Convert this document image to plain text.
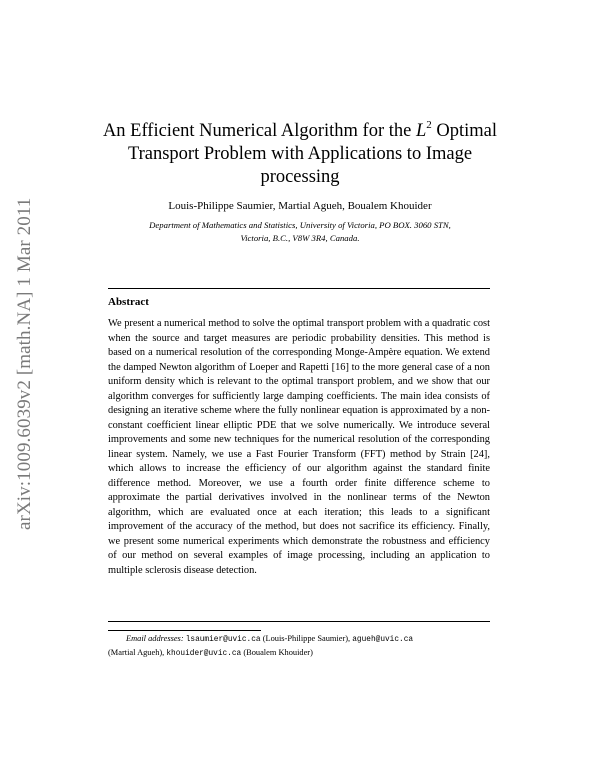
arXiv:1009.6039v2 [math.NA] 1 Mar 2011
An Efficient Numerical Algorithm for the $L^2$ Optimal Transport Problem with Applications to Image processing
Louis-Philippe Saumier, Martial Agueh, Boualem Khouider
Department of Mathematics and Statistics, University of Victoria, PO BOX. 3060 STN,
Victoria, B.C., V8W 3R4, Canada.
Abstract
We present a numerical method to solve the optimal transport problem with a quadratic cost when the source and target measures are periodic probability densities. This method is based on a numerical resolution of the corresponding Monge-Ampère equation. We extend the damped Newton algorithm of Loeper and Rapetti [16] to the more general case of a non uniform density which is relevant to the optimal transport problem, and we show that our algorithm converges for sufficiently large damping coefficients. The main idea consists of designing an iterative scheme where the fully nonlinear equation is approximated by a non-constant coefficient linear elliptic PDE that we solve numerically. We introduce several improvements and some new techniques for the numerical resolution of the corresponding linear system. Namely, we use a Fast Fourier Transform (FFT) method by Strain [24], which allows to increase the efficiency of our algorithm against the standard finite difference method. Moreover, we use a fourth order finite difference scheme to approximate the partial derivatives involved in the nonlinear terms of the Newton algorithm, which are evaluated once at each iteration; this leads to a significant improvement of the accuracy of the method, but does not sacrifice its efficiency. Finally, we present some numerical experiments which demonstrate the robustness and efficiency of our method on several examples of image processing, including an application to multiple sclerosis disease detection.
Email addresses: lsaumier@uvic.ca (Louis-Philippe Saumier), agueh@uvic.ca
(Martial Agueh), khouider@uvic.ca (Boualem Khouider)
